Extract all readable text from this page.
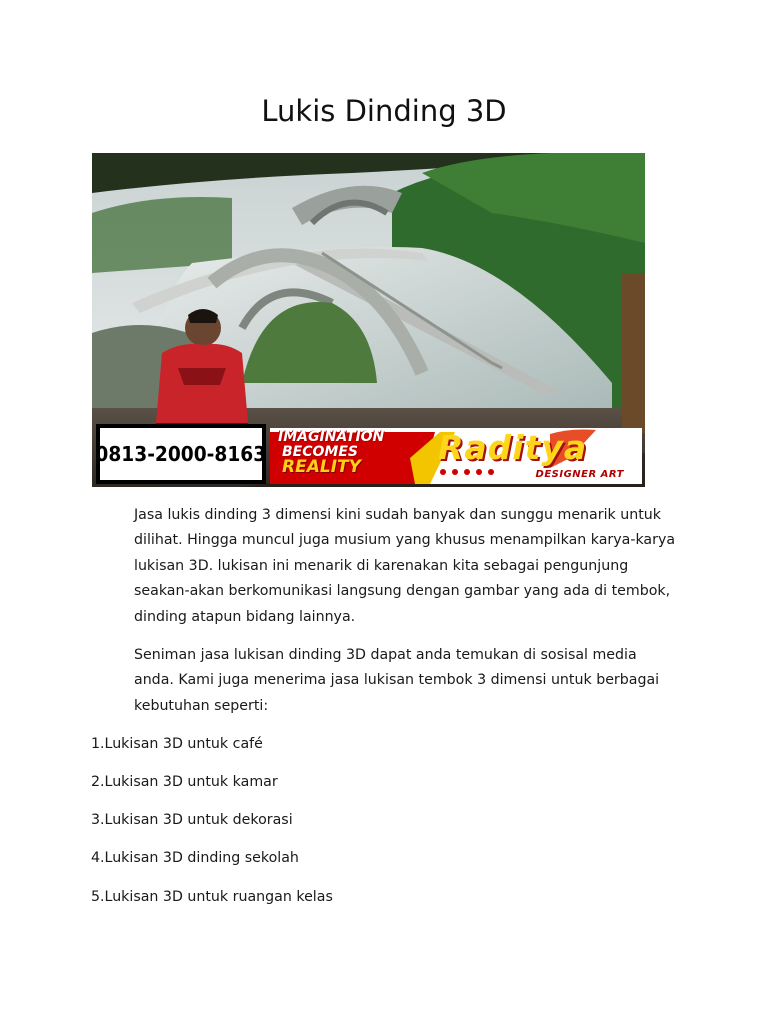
Lukis Dinding 3D
0813-2000-8163
IMAGINATION
BECOMES
REALITY	Raditya
DESIGNER ART

Jasa lukis dinding 3 dimensi kini sudah banyak dan sunggu menarik untuk dilihat. Hingga muncul juga musium yang khusus menampilkan karya-karya lukisan 3D. lukisan ini menarik di karenakan kita sebagai pengunjung seakan-akan berkomunikasi langsung dengan gambar yang ada di tembok, dinding atapun bidang lainnya.

Seniman jasa lukisan dinding 3D dapat anda temukan di sosisal media anda. Kami juga menerima jasa lukisan tembok 3 dimensi untuk berbagai kebutuhan seperti:

1.Lukisan 3D untuk café
2.Lukisan 3D untuk kamar
3.Lukisan 3D untuk dekorasi
4.Lukisan 3D dinding sekolah
5.Lukisan 3D untuk ruangan kelas
